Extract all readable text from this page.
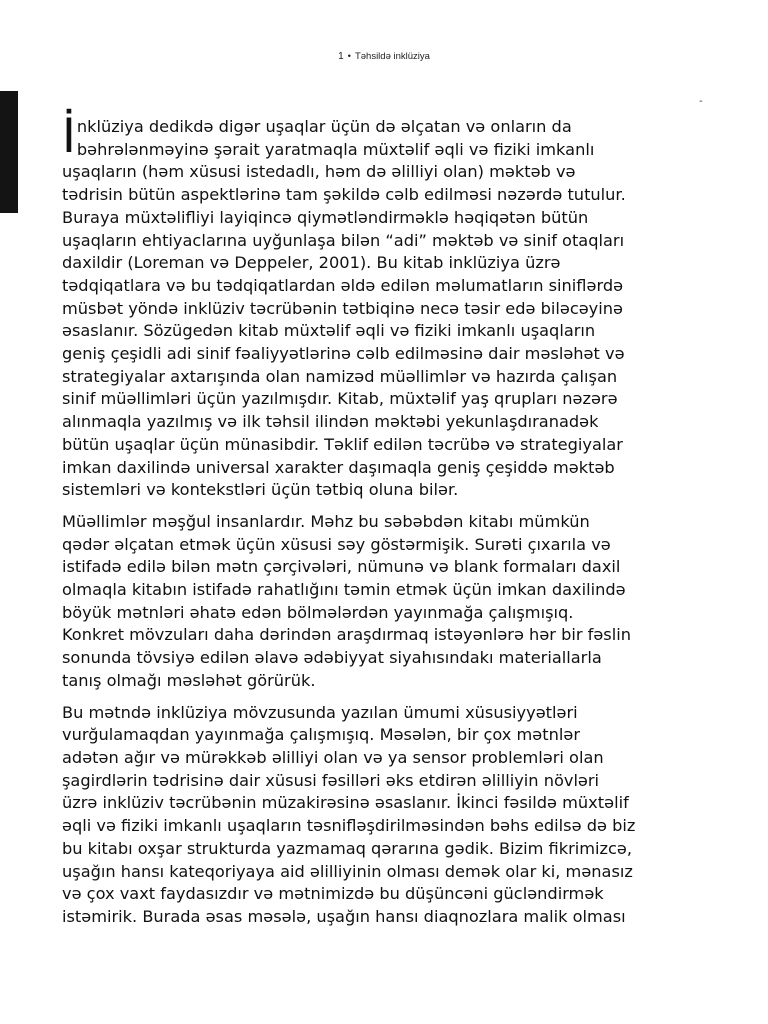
1 • Təhsildə inklüziya
-

İ nklüziya dedikdə digər uşaqlar üçün də əlçatan və onların da
bəhrələnməyinə şərait yaratmaqla müxtəlif əqli və fiziki imkanlı
uşaqların (həm xüsusi istedadlı, həm də əlilliyi olan) məktəb və
tədrisin bütün aspektlərinə tam şəkildə cəlb edilməsi nəzərdə tutulur.
Buraya müxtəlifliyi layiqincə qiymətləndirməklə həqiqətən bütün
uşaqların ehtiyaclarına uyğunlaşa bilən “adi” məktəb və sinif otaqları
daxildir (Loreman və Deppeler, 2001). Bu kitab inklüziya üzrə
tədqiqatlara və bu tədqiqatlardan əldə edilən məlumatların siniflərdə
müsbət yöndə inklüziv təcrübənin tətbiqinə necə təsir edə biləcəyinə
əsaslanır. Sözügedən kitab müxtəlif əqli və fiziki imkanlı uşaqların
geniş çeşidli adi sinif fəaliyyətlərinə cəlb edilməsinə dair məsləhət və
strategiyalar axtarışında olan namizəd müəllimlər və hazırda çalışan
sinif müəllimləri üçün yazılmışdır. Kitab, müxtəlif yaş qrupları nəzərə
alınmaqla yazılmış və ilk təhsil ilindən məktəbi yekunlaşdıranadək
bütün uşaqlar üçün münasibdir. Təklif edilən təcrübə və strategiyalar
imkan daxilində universal xarakter daşımaqla geniş çeşiddə məktəb
sistemləri və kontekstləri üçün tətbiq oluna bilər.

Müəllimlər məşğul insanlardır. Məhz bu səbəbdən kitabı mümkün
qədər əlçatan etmək üçün xüsusi səy göstərmişik. Surəti çıxarıla və
istifadə edilə bilən mətn çərçivələri, nümunə və blank formaları daxil
olmaqla kitabın istifadə rahatlığını təmin etmək üçün imkan daxilində
böyük mətnləri əhatə edən bölmələrdən yayınmağa çalışmışıq.
Konkret mövzuları daha dərindən araşdırmaq istəyənlərə hər bir fəslin
sonunda tövsiyə edilən əlavə ədəbiyyat siyahısındakı materiallarla
tanış olmağı məsləhət görürük.

Bu mətndə inklüziya mövzusunda yazılan ümumi xüsusiyyətləri
vurğulamaqdan yayınmağa çalışmışıq. Məsələn, bir çox mətnlər
adətən ağır və mürəkkəb əlilliyi olan və ya sensor problemləri olan
şagirdlərin tədrisinə dair xüsusi fəsilləri əks etdirən əlilliyin növləri
üzrə inklüziv təcrübənin müzakirəsinə əsaslanır. İkinci fəsildə müxtəlif
əqli və fiziki imkanlı uşaqların təsnifləşdirilməsindən bəhs edilsə də biz
bu kitabı oxşar strukturda yazmamaq qərarına gədik. Bizim fikrimizcə,
uşağın hansı kateqoriyaya aid əlilliyinin olması demək olar ki, mənasız
və çox vaxt faydasızdır və mətnimizdə bu düşüncəni gücləndirmək
istəmirik. Burada əsas məsələ, uşağın hansı diaqnozlara malik olması
